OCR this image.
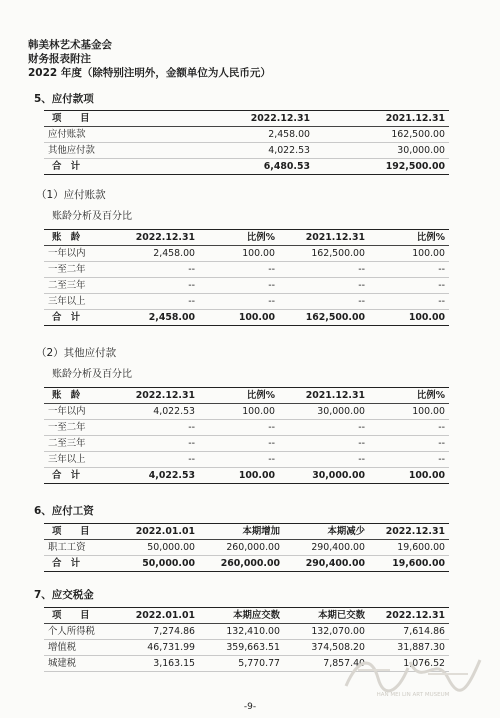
韩美林艺术基金会
财务报表附注
2022 年度（除特别注明外，金额单位为人民币元）
5、应付款项
项　　目	2022.12.31	2021.12.31
应付账款	2,458.00	162,500.00
其他应付款	4,022.53	30,000.00
合　计	6,480.53	192,500.00
（1）应付账款
账龄分析及百分比
账　龄	2022.12.31	比例%	2021.12.31	比例%
一年以内	2,458.00	100.00	162,500.00	100.00
一至二年	--	--	--	--
二至三年	--	--	--	--
三年以上	--	--	--	--
合　计	2,458.00	100.00	162,500.00	100.00
（2）其他应付款
账龄分析及百分比
账　龄	2022.12.31	比例%	2021.12.31	比例%
一年以内	4,022.53	100.00	30,000.00	100.00
一至二年	--	--	--	--
二至三年	--	--	--	--
三年以上	--	--	--	--
合　计	4,022.53	100.00	30,000.00	100.00
6、应付工资
项　　目	2022.01.01	本期增加	本期减少	2022.12.31
职工工资	50,000.00	260,000.00	290,400.00	19,600.00
合　计	50,000.00	260,000.00	290,400.00	19,600.00
7、应交税金
项　　目	2022.01.01	本期应交数	本期已交数	2022.12.31
个人所得税	7,274.86	132,410.00	132,070.00	7,614.86
增值税	46,731.99	359,663.51	374,508.20	31,887.30
城建税	3,163.15	5,770.77	7,857.40	1,076.52
HAN MEI LIN ART MUSEUM
-9-
